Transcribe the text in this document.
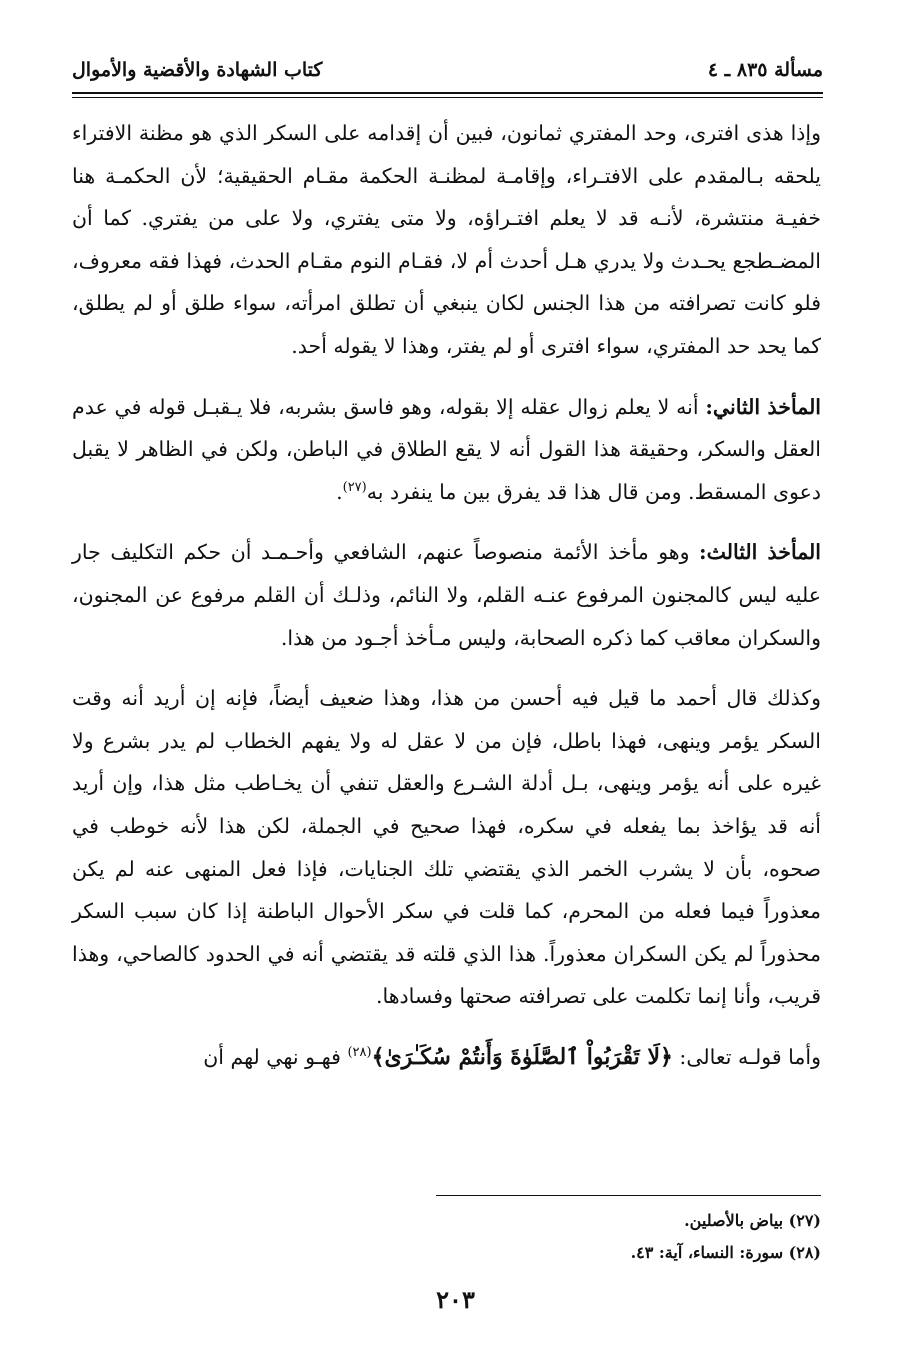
مسألة ٨٣٥ ـ ٤
كتاب الشهادة والأقضية والأموال

وإذا هذى افترى، وحد المفتري ثمانون، فبين أن إقدامه على السكر الذي هو مظنة الافتراء يلحقه بـالمقدم على الافتـراء، وإقامـة لمظنـة الحكمة مقـام الحقيقية؛ لأن الحكمـة هنا خفيـة منتشرة، لأنـه قد لا يعلم افتـراؤه، ولا متى يفتري، ولا على من يفتري. كما أن المضـطجع يحـدث ولا يدري هـل أحدث أم لا، فقـام النوم مقـام الحدث، فهذا فقه معروف، فلو كانت تصرافته من هذا الجنس لكان ينبغي أن تطلق امرأته، سواء طلق أو لم يطلق، كما يحد حد المفتري، سواء افترى أو لم يفتر، وهذا لا يقوله أحد.

المأخذ الثاني: أنه لا يعلم زوال عقله إلا بقوله، وهو فاسق بشربه، فلا يـقبـل قوله في عدم العقل والسكر، وحقيقة هذا القول أنه لا يقع الطلاق في الباطن، ولكن في الظاهر لا يقبل دعوى المسقط. ومن قال هذا قد يفرق بين ما ينفرد به$^{(٢٧)}$.

المأخذ الثالث: وهو مأخذ الأئمة منصوصاً عنهم، الشافعي وأحـمـد أن حكم التكليف جار عليه ليس كالمجنون المرفوع عنـه القلم، ولا النائم، وذلـك أن القلم مرفوع عن المجنون، والسكران معاقب كما ذكره الصحابة، وليس مـأخذ أجـود من هذا.

وكذلك قال أحمد ما قيل فيه أحسن من هذا، وهذا ضعيف أيضاً، فإنه إن أريد أنه وقت السكر يؤمر وينهى، فهذا باطل، فإن من لا عقل له ولا يفهم الخطاب لم يدر بشرع ولا غيره على أنه يؤمر وينهى، بـل أدلة الشـرع والعقل تنفي أن يخـاطب مثل هذا، وإن أريد أنه قد يؤاخذ بما يفعله في سكره، فهذا صحيح في الجملة، لكن هذا لأنه خوطب في صحوه، بأن لا يشرب الخمر الذي يقتضي تلك الجنايات، فإذا فعل المنهى عنه لم يكن معذوراً فيما فعله من المحرم، كما قلت في سكر الأحوال الباطنة إذا كان سبب السكر محذوراً لم يكن السكران معذوراً. هذا الذي قلته قد يقتضي أنه في الحدود كالصاحي، وهذا قريب، وأنا إنما تكلمت على تصرافته صحتها وفسادها.

وأما قولـه تعالى: ﴿لَا تَقْرَبُواْ ٱلصَّلَوٰةَ وَأَنتُمْ سُكَـٰرَىٰ﴾$^{(٢٨)}$ فهـو نهي لهم أن

(٢٧) بياض بالأصلين.
(٢٨) سورة: النساء، آية: ٤٣.
٢٠٣
